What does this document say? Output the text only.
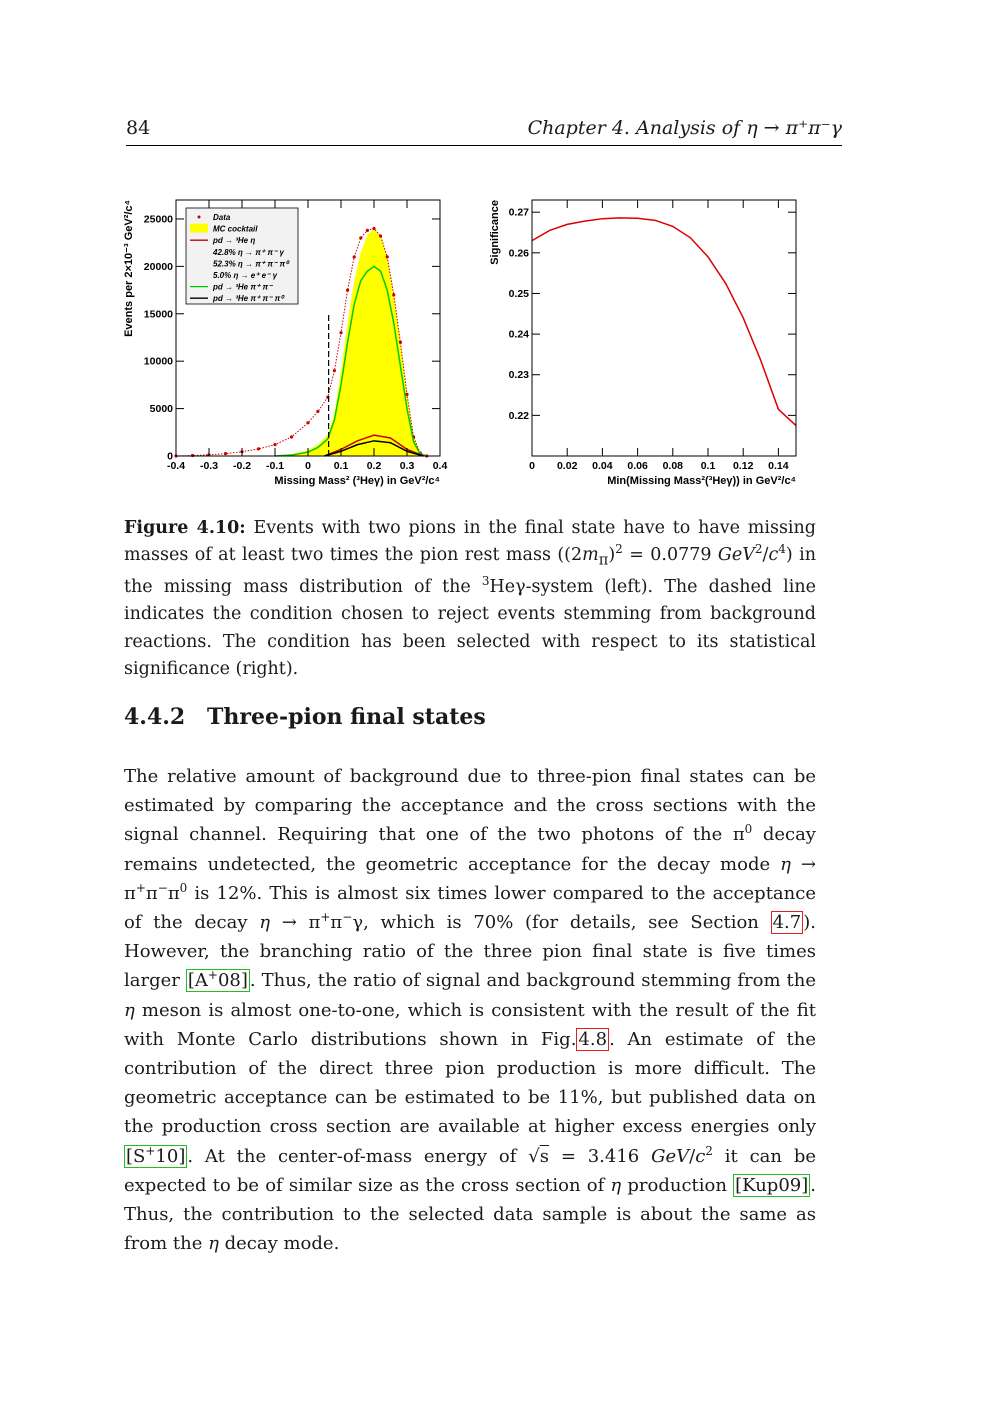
84	Chapter 4. Analysis of η → π⁺π⁻γ
-0.4 -0.3 -0.2 -0.1 0 0.1 0.2 0.3 0.4
0
5000
10000
15000
20000
25000
Missing Mass² (³Heγ) in GeV²/c⁴
Events per 2×10⁻³ GeV²/c⁴	Data
MC cocktail
pd → ³He η
42.8% η → π⁺ π⁻ γ
52.3% η → π⁺ π⁻ π⁰
5.0% η → e⁺ e⁻ γ
pd → ³He π⁺ π⁻
pd → ³He π⁺ π⁻ π⁰
0 0.02 0.04 0.06 0.08 0.1 0.12 0.14
0.22
0.23
0.24
0.25
0.26
0.27
Min(Missing Mass²(³Heγ)) in GeV²/c⁴
Significance
Figure 4.10: Events with two pions in the final state have to have missing masses of at least two times the pion rest mass ($(2m_\pi)^2 = 0.0779$ $GeV^2/c^4$) in the missing mass distribution of the $^3$Heγ-system (left). The dashed line indicates the condition chosen to reject events stemming from background reactions. The condition has been selected with respect to its statistical significance (right).
4.4.2 Three-pion final states
The relative amount of background due to three-pion final states can be estimated by comparing the acceptance and the cross sections with the signal channel. Requiring that one of the two photons of the $\pi^0$ decay remains undetected, the geometric acceptance for the decay mode $\eta \to \pi^+\pi^-\pi^0$ is 12%. This is almost six times lower compared to the acceptance of the decay η → π+π−γ, which is 70% (for details, see Section 4.7 ). However, the branching ratio of the three pion final state is five times larger [A+08] . Thus, the ratio of signal and background stemming from the η meson is almost one-to-one, which is consistent with the result of the fit with Monte Carlo distributions shown in Fig. 4.8 . An estimate of the contribution of the direct three pion production is more difficult. The geometric acceptance can be estimated to be 11%, but published data on the production cross section are available at higher excess energies only [S+10] . At the center-of-mass energy of √s = 3.416 GeV/$c^2$ it can be expected to be of similar size as the cross section of η production [Kup09] . Thus, the contribution to the selected data sample is about the same as from the η decay mode.
